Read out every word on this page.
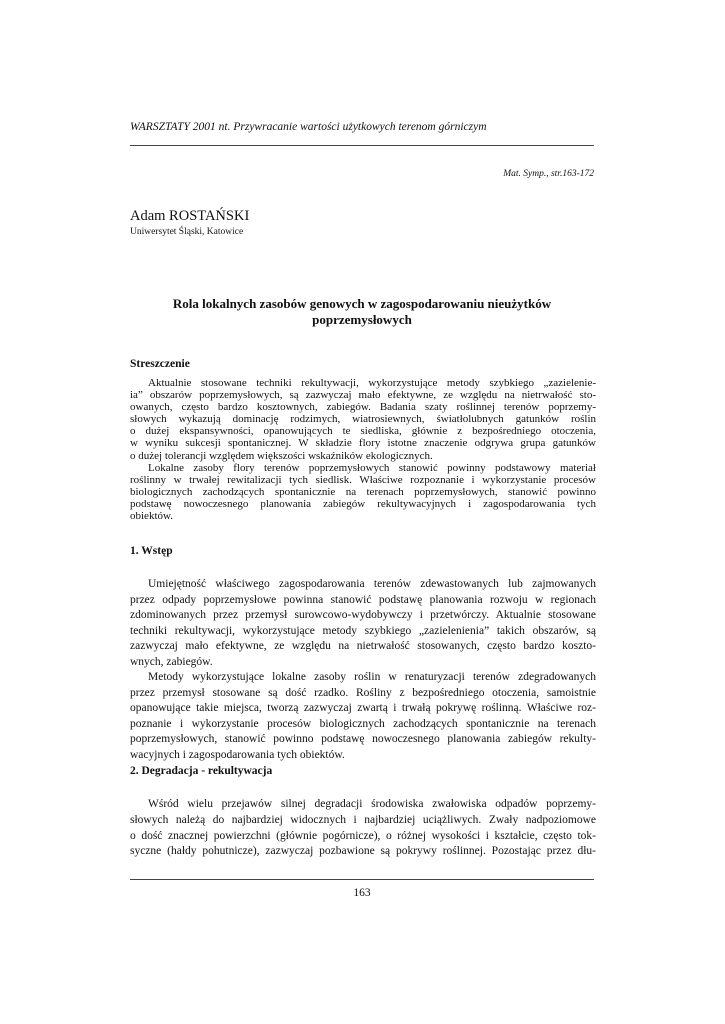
WARSZTATY 2001 nt. Przywracanie wartości użytkowych terenom górniczym
Mat. Symp., str.163-172
Adam ROSTAŃSKI
Uniwersytet Śląski, Katowice
Rola lokalnych zasobów genowych w zagospodarowaniu nieużytków
poprzemysłowych
Streszczenie
Aktualnie stosowane techniki rekultywacji, wykorzystujące metody szybkiego „zazielenie-
ia” obszarów poprzemysłowych, są zazwyczaj mało efektywne, ze względu na nietrwałość sto-
owanych, często bardzo kosztownych, zabiegów. Badania szaty roślinnej terenów poprzemy-
słowych wykazują dominację rodzimych, wiatrosiewnych, światłolubnych gatunków roślin
o dużej ekspansywności, opanowujących te siedliska, głównie z bezpośredniego otoczenia,
w wyniku sukcesji spontanicznej. W składzie flory istotne znaczenie odgrywa grupa gatunków
o dużej tolerancji względem większości wskaźników ekologicznych.
Lokalne zasoby flory terenów poprzemysłowych stanowić powinny podstawowy materiał
roślinny w trwałej rewitalizacji tych siedlisk. Właściwe rozpoznanie i wykorzystanie procesów
biologicznych zachodzących spontanicznie na terenach poprzemysłowych, stanowić powinno
podstawę nowoczesnego planowania zabiegów rekultywacyjnych i zagospodarowania tych
obiektów.
1. Wstęp
Umiejętność właściwego zagospodarowania terenów zdewastowanych lub zajmowanych
przez odpady poprzemysłowe powinna stanowić podstawę planowania rozwoju w regionach
zdominowanych przez przemysł surowcowo-wydobywczy i przetwórczy. Aktualnie stosowane
techniki rekultywacji, wykorzystujące metody szybkiego „zazielenienia” takich obszarów, są
zazwyczaj mało efektywne, ze względu na nietrwałość stosowanych, często bardzo koszto-
wnych, zabiegów.
Metody wykorzystujące lokalne zasoby roślin w renaturyzacji terenów zdegradowanych
przez przemysł stosowane są dość rzadko. Rośliny z bezpośredniego otoczenia, samoistnie
opanowujące takie miejsca, tworzą zazwyczaj zwartą i trwałą pokrywę roślinną. Właściwe roz-
poznanie i wykorzystanie procesów biologicznych zachodzących spontanicznie na terenach
poprzemysłowych, stanowić powinno podstawę nowoczesnego planowania zabiegów rekulty-
wacyjnych i zagospodarowania tych obiektów.
2. Degradacja - rekultywacja
Wśród wielu przejawów silnej degradacji środowiska zwałowiska odpadów poprzemy-
słowych należą do najbardziej widocznych i najbardziej uciążliwych. Zwały nadpoziomowe
o dość znacznej powierzchni (głównie pogórnicze), o różnej wysokości i kształcie, często tok-
syczne (hałdy pohutnicze), zazwyczaj pozbawione są pokrywy roślinnej. Pozostając przez dłu-
163
